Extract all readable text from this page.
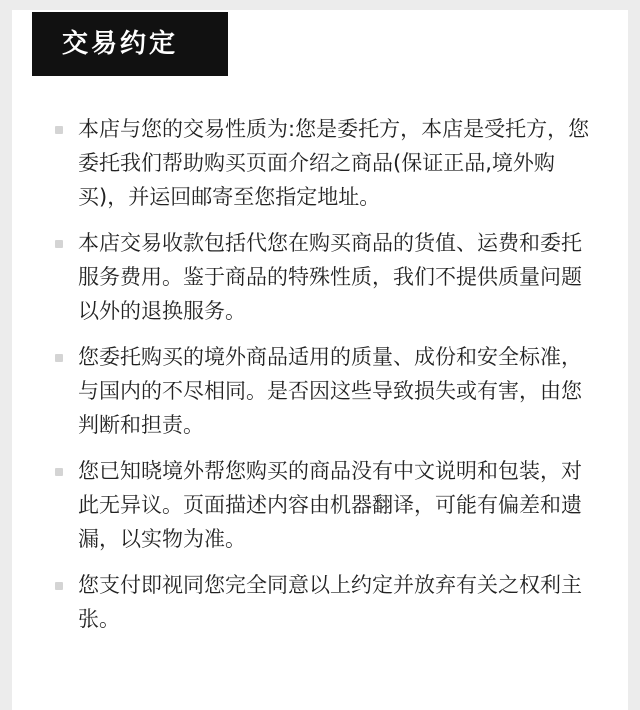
交易约定
本店与您的交易性质为:您是委托方，本店是受托方，您委托我们帮助购买页面介绍之商品(保证正品,境外购买)，并运回邮寄至您指定地址。
本店交易收款包括代您在购买商品的货值、运费和委托服务费用。鉴于商品的特殊性质，我们不提供质量问题以外的退换服务。
您委托购买的境外商品适用的质量、成份和安全标准，与国内的不尽相同。是否因这些导致损失或有害，由您判断和担责。
您已知晓境外帮您购买的商品没有中文说明和包装，对此无异议。页面描述内容由机器翻译，可能有偏差和遗漏，以实物为准。
您支付即视同您完全同意以上约定并放弃有关之权利主张。
